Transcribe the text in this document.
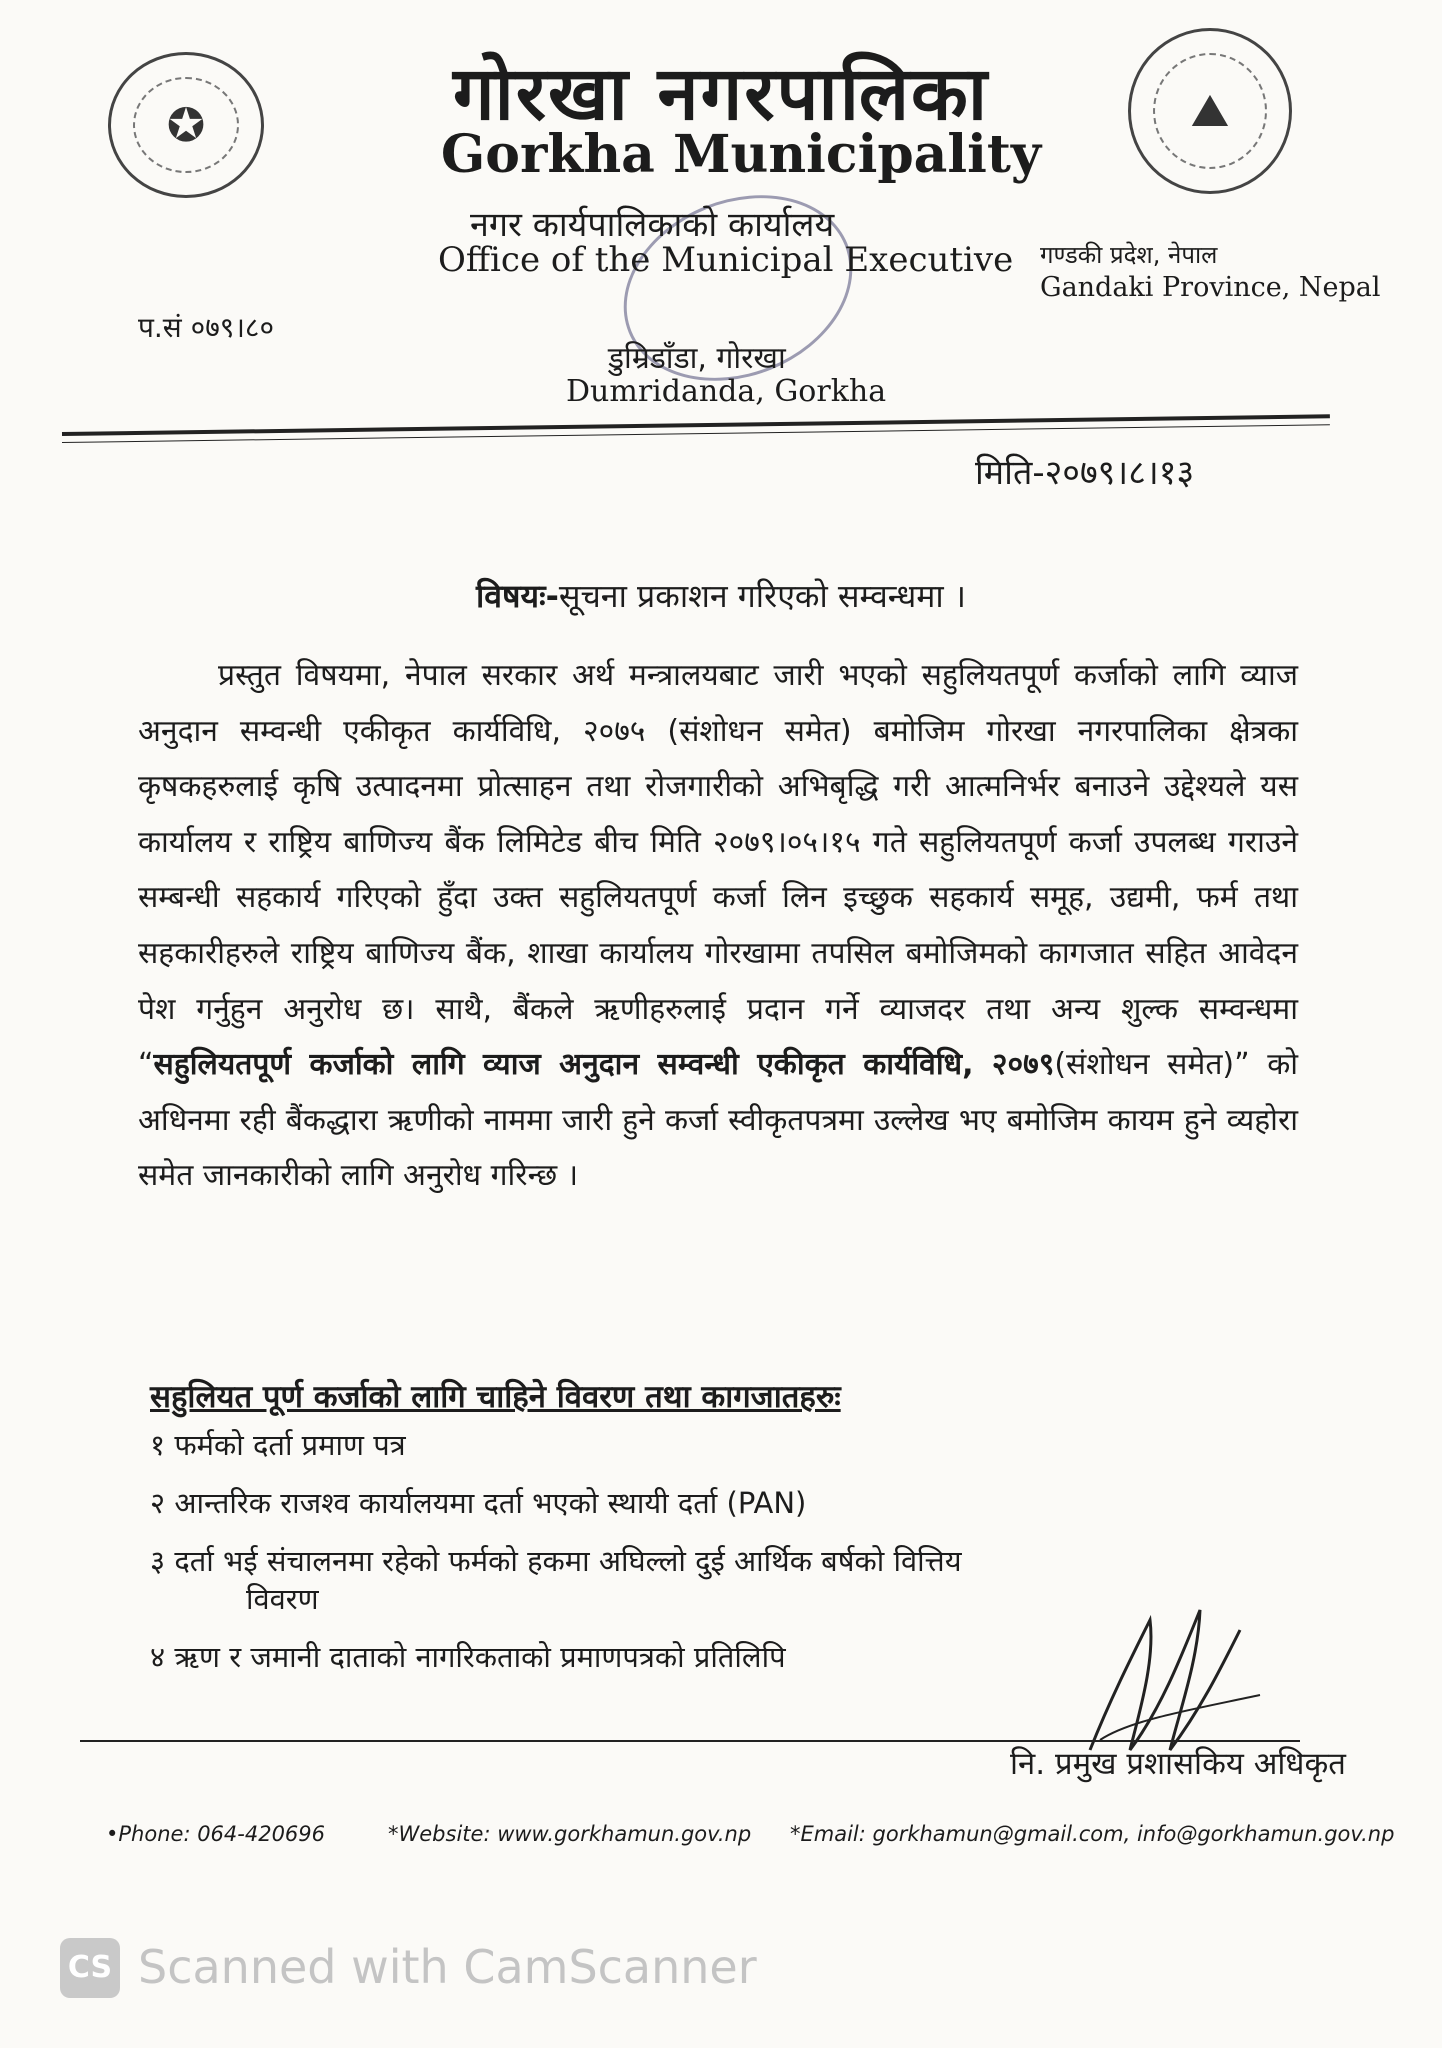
✪	⛰
गोरखा नगरपालिका
Gorkha Municipality
नगर कार्यपालिकाको कार्यालय
Office of the Municipal Executive
डुम्रिडाँडा, गोरखा
Dumridanda, Gorkha
प.सं ०७९।८०
गण्डकी प्रदेश, नेपाल
Gandaki Province, Nepal
मिति-२०७९।८।१३
विषयः-सूचना प्रकाशन गरिएको सम्वन्धमा ।
प्रस्तुत विषयमा, नेपाल सरकार अर्थ मन्त्रालयबाट जारी भएको सहुलियतपूर्ण कर्जाको लागि व्याज अनुदान सम्वन्धी एकीकृत कार्यविधि, २०७५ (संशोधन समेत) बमोजिम गोरखा नगरपालिका क्षेत्रका कृषकहरुलाई कृषि उत्पादनमा प्रोत्साहन तथा रोजगारीको अभिबृद्धि गरी आत्मनिर्भर बनाउने उद्देश्यले यस कार्यालय र राष्ट्रिय बाणिज्य बैंक लिमिटेड बीच मिति २०७९।०५।१५ गते सहुलियतपूर्ण कर्जा उपलब्ध गराउने सम्बन्धी सहकार्य गरिएको हुँदा उक्त सहुलियतपूर्ण कर्जा लिन इच्छुक सहकार्य समूह, उद्यमी, फर्म तथा सहकारीहरुले राष्ट्रिय बाणिज्य बैंक, शाखा कार्यालय गोरखामा तपसिल बमोजिमको कागजात सहित आवेदन पेश गर्नुहुन अनुरोध छ। साथै, बैंकले ऋणीहरुलाई प्रदान गर्ने व्याजदर तथा अन्य शुल्क सम्वन्धमा “सहुलियतपूर्ण कर्जाको लागि व्याज अनुदान सम्वन्धी एकीकृत कार्यविधि, २०७९(संशोधन समेत)” को अधिनमा रही बैंकद्धारा ऋणीको नाममा जारी हुने कर्जा स्वीकृतपत्रमा उल्लेख भए बमोजिम कायम हुने व्यहोरा समेत जानकारीको लागि अनुरोध गरिन्छ ।
सहुलियत पूर्ण कर्जाको लागि चाहिने विवरण तथा कागजातहरुः
१ फर्मको दर्ता प्रमाण पत्र
२ आन्तरिक राजश्व कार्यालयमा दर्ता भएको स्थायी दर्ता (PAN)
३ दर्ता भई संचालनमा रहेको फर्मको हकमा अघिल्लो दुई आर्थिक बर्षको वित्तिय
विवरण
४ ऋण र जमानी दाताको नागरिकताको प्रमाणपत्रको प्रतिलिपि
नि. प्रमुख प्रशासकिय अधिकृत
•Phone: 064-420696	*Website: www.gorkhamun.gov.np *Email: gorkhamun@gmail.com, info@gorkhamun.gov.np
CS Scanned with CamScanner
